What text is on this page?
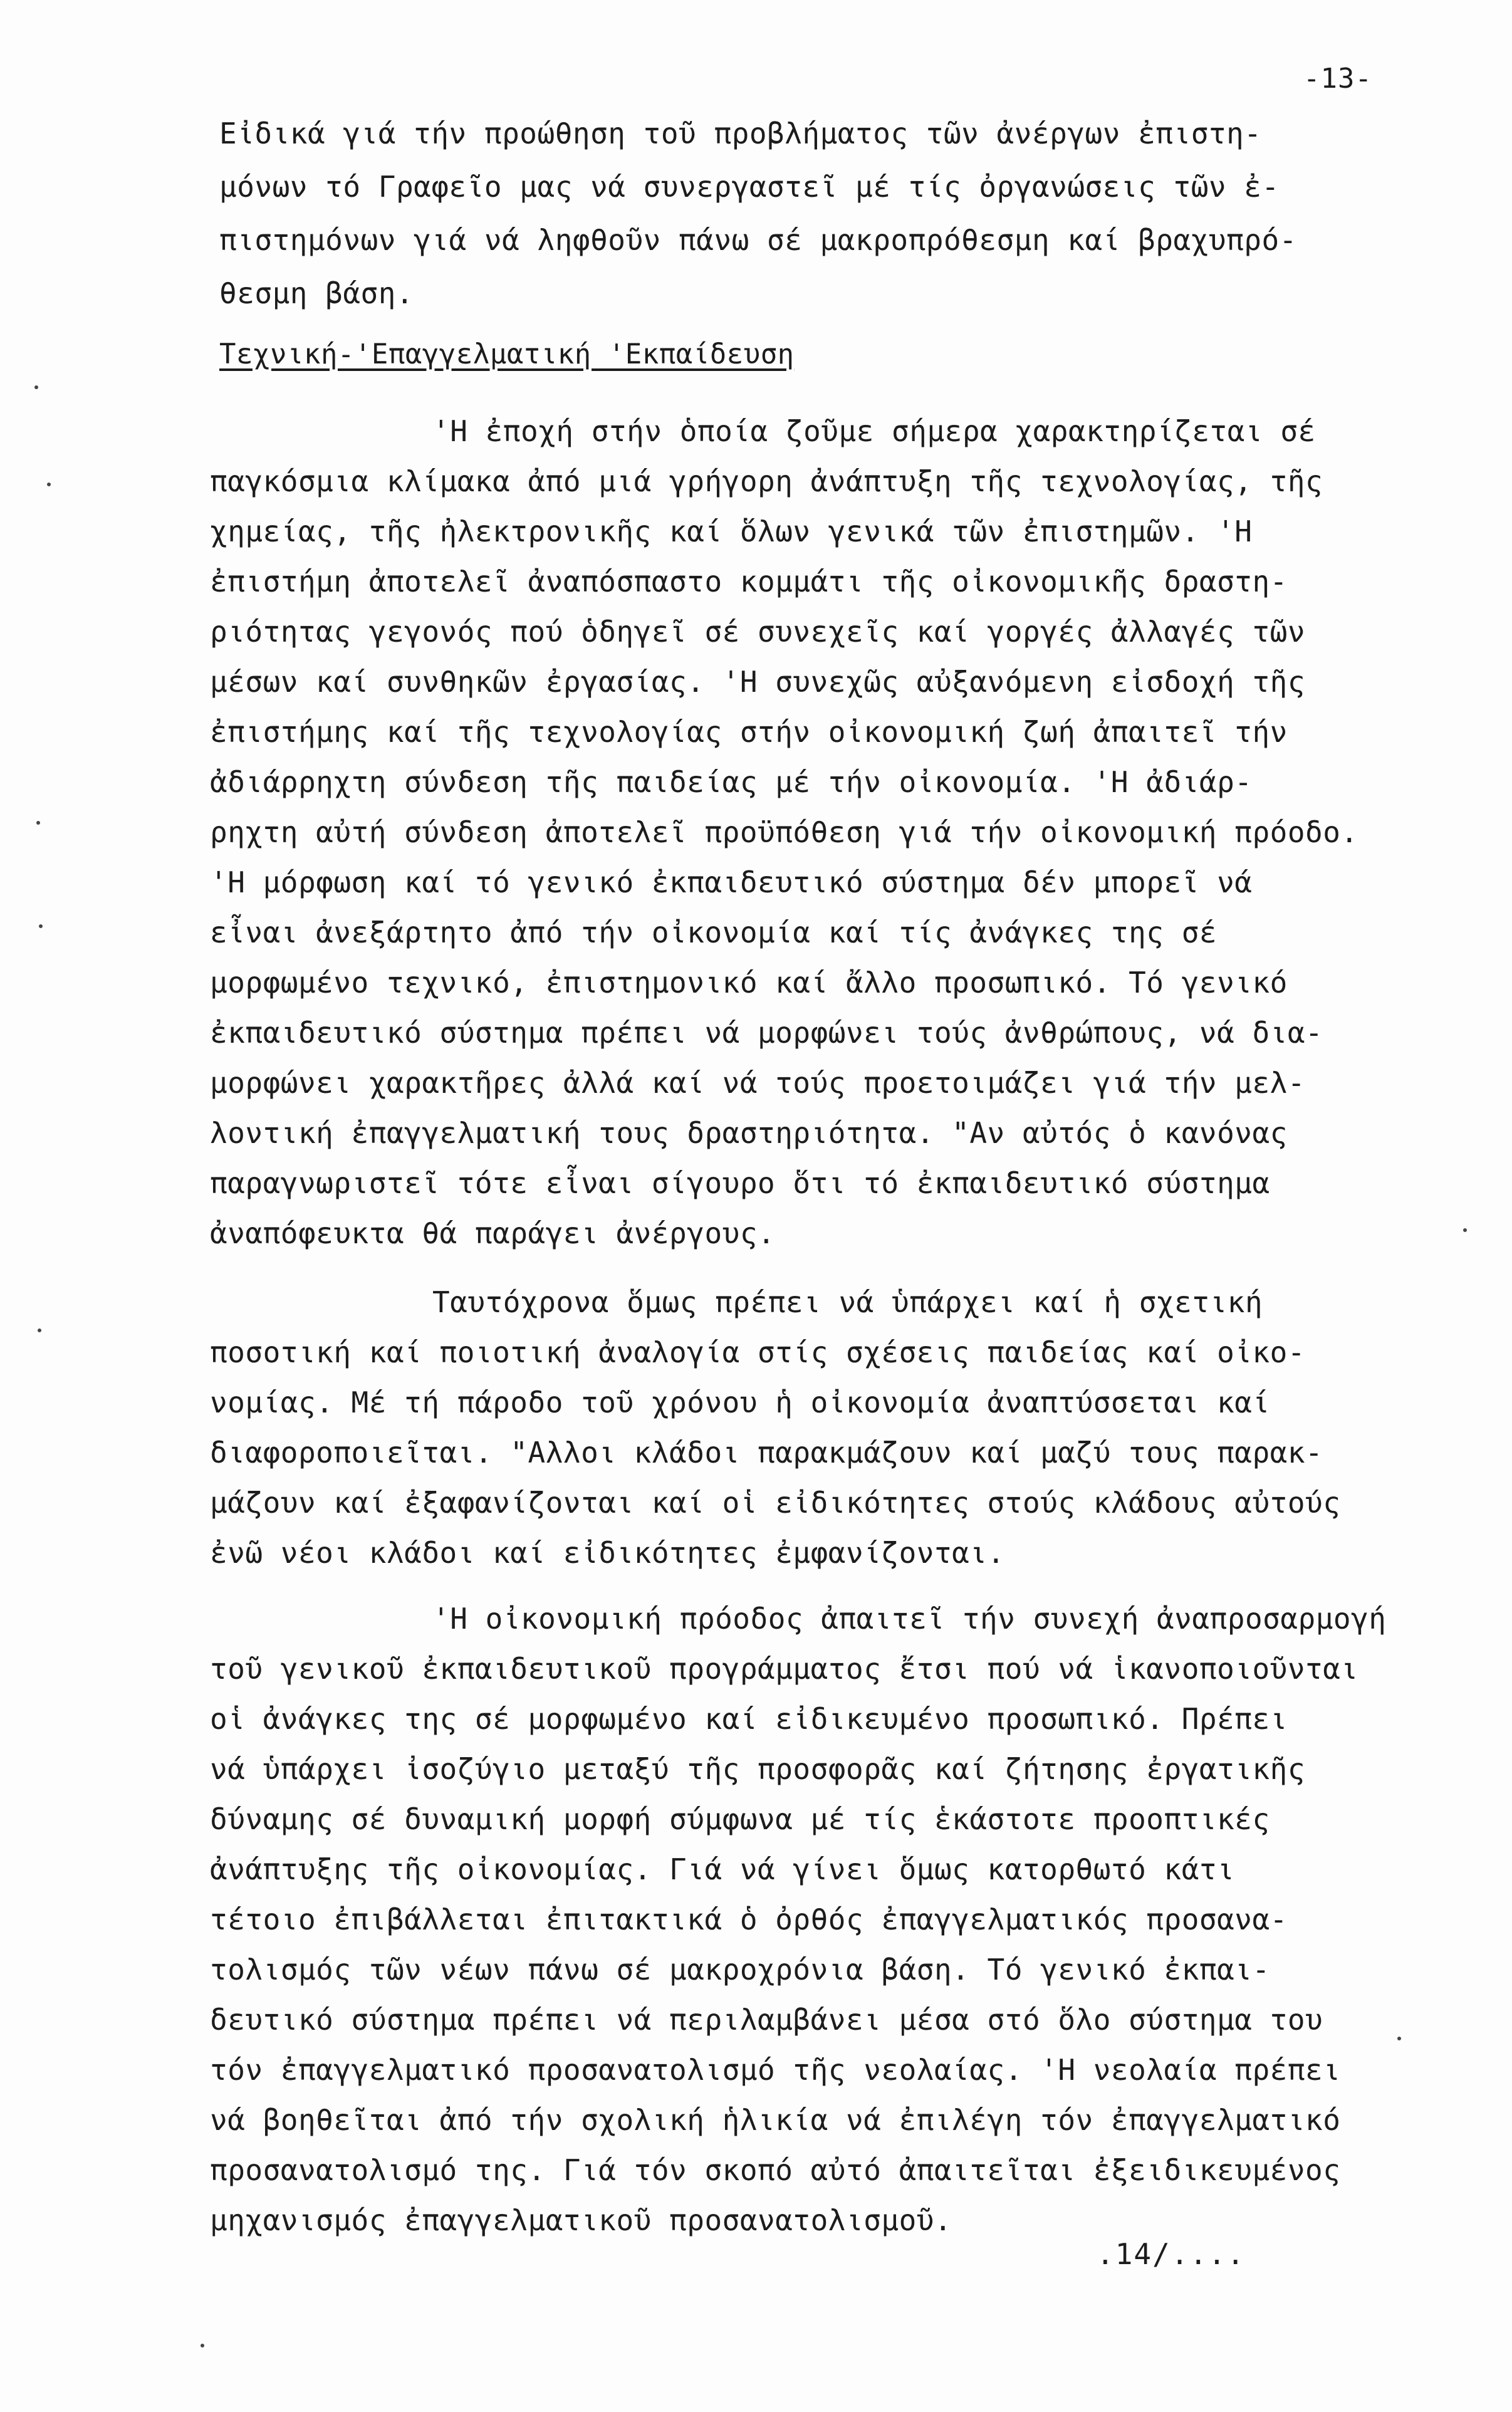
-13-
Εἰδικά γιά τήν προώθηση τοῦ προβλήματος τῶν ἀνέργων ἐπιστη-
μόνων τό Γραφεῖο μας νά συνεργαστεῖ μέ τίς ὀργανώσεις τῶν ἐ-
πιστημόνων γιά νά ληφθοῦν πάνω σέ μακροπρόθεσμη καί βραχυπρό-
θεσμη βάση.
Τεχνική-'Επαγγελματική 'Εκπαίδευση
'Η ἐποχή στήν ὁποία ζοῦμε σήμερα χαρακτηρίζεται σέ
παγκόσμια κλίμακα ἀπό μιά γρήγορη ἀνάπτυξη τῆς τεχνολογίας, τῆς
χημείας, τῆς ἠλεκτρονικῆς καί ὅλων γενικά τῶν ἐπιστημῶν. 'Η
ἐπιστήμη ἀποτελεῖ ἀναπόσπαστο κομμάτι τῆς οἰκονομικῆς δραστη-
ριότητας γεγονός πού ὁδηγεῖ σέ συνεχεῖς καί γοργές ἀλλαγές τῶν
μέσων καί συνθηκῶν ἐργασίας. 'Η συνεχῶς αὐξανόμενη εἰσδοχή τῆς
ἐπιστήμης καί τῆς τεχνολογίας στήν οἰκονομική ζωή ἀπαιτεῖ τήν
ἀδιάρρηχτη σύνδεση τῆς παιδείας μέ τήν οἰκονομία. 'Η ἀδιάρ-
ρηχτη αὐτή σύνδεση ἀποτελεῖ προϋπόθεση γιά τήν οἰκονομική πρόοδο.
'Η μόρφωση καί τό γενικό ἐκπαιδευτικό σύστημα δέν μπορεῖ νά
εἶναι ἀνεξάρτητο ἀπό τήν οἰκονομία καί τίς ἀνάγκες της σέ
μορφωμένο τεχνικό, ἐπιστημονικό καί ἄλλο προσωπικό. Τό γενικό
ἐκπαιδευτικό σύστημα πρέπει νά μορφώνει τούς ἀνθρώπους, νά δια-
μορφώνει χαρακτῆρες ἀλλά καί νά τούς προετοιμάζει γιά τήν μελ-
λοντική ἐπαγγελματική τους δραστηριότητα. "Αν αὐτός ὁ κανόνας
παραγνωριστεῖ τότε εἶναι σίγουρο ὅτι τό ἐκπαιδευτικό σύστημα
ἀναπόφευκτα θά παράγει ἀνέργους.
Ταυτόχρονα ὅμως πρέπει νά ὑπάρχει καί ἡ σχετική
ποσοτική καί ποιοτική ἀναλογία στίς σχέσεις παιδείας καί οἰκο-
νομίας. Μέ τή πάροδο τοῦ χρόνου ἡ οἰκονομία ἀναπτύσσεται καί
διαφοροποιεῖται. "Αλλοι κλάδοι παρακμάζουν καί μαζύ τους παρακ-
μάζουν καί ἐξαφανίζονται καί οἱ εἰδικότητες στούς κλάδους αὐτούς
ἐνῶ νέοι κλάδοι καί εἰδικότητες ἐμφανίζονται.
'Η οἰκονομική πρόοδος ἀπαιτεῖ τήν συνεχή ἀναπροσαρμογή
τοῦ γενικοῦ ἐκπαιδευτικοῦ προγράμματος ἔτσι πού νά ἱκανοποιοῦνται
οἱ ἀνάγκες της σέ μορφωμένο καί εἰδικευμένο προσωπικό. Πρέπει
νά ὑπάρχει ἰσοζύγιο μεταξύ τῆς προσφορᾶς καί ζήτησης ἐργατικῆς
δύναμης σέ δυναμική μορφή σύμφωνα μέ τίς ἑκάστοτε προοπτικές
ἀνάπτυξης τῆς οἰκονομίας. Γιά νά γίνει ὅμως κατορθωτό κάτι
τέτοιο ἐπιβάλλεται ἐπιτακτικά ὁ ὀρθός ἐπαγγελματικός προσανα-
τολισμός τῶν νέων πάνω σέ μακροχρόνια βάση. Τό γενικό ἐκπαι-
δευτικό σύστημα πρέπει νά περιλαμβάνει μέσα στό ὅλο σύστημα του
τόν ἐπαγγελματικό προσανατολισμό τῆς νεολαίας. 'Η νεολαία πρέπει
νά βοηθεῖται ἀπό τήν σχολική ἡλικία νά ἐπιλέγη τόν ἐπαγγελματικό
προσανατολισμό της. Γιά τόν σκοπό αὐτό ἀπαιτεῖται ἐξειδικευμένος
μηχανισμός ἐπαγγελματικοῦ προσανατολισμοῦ.
.14/....
